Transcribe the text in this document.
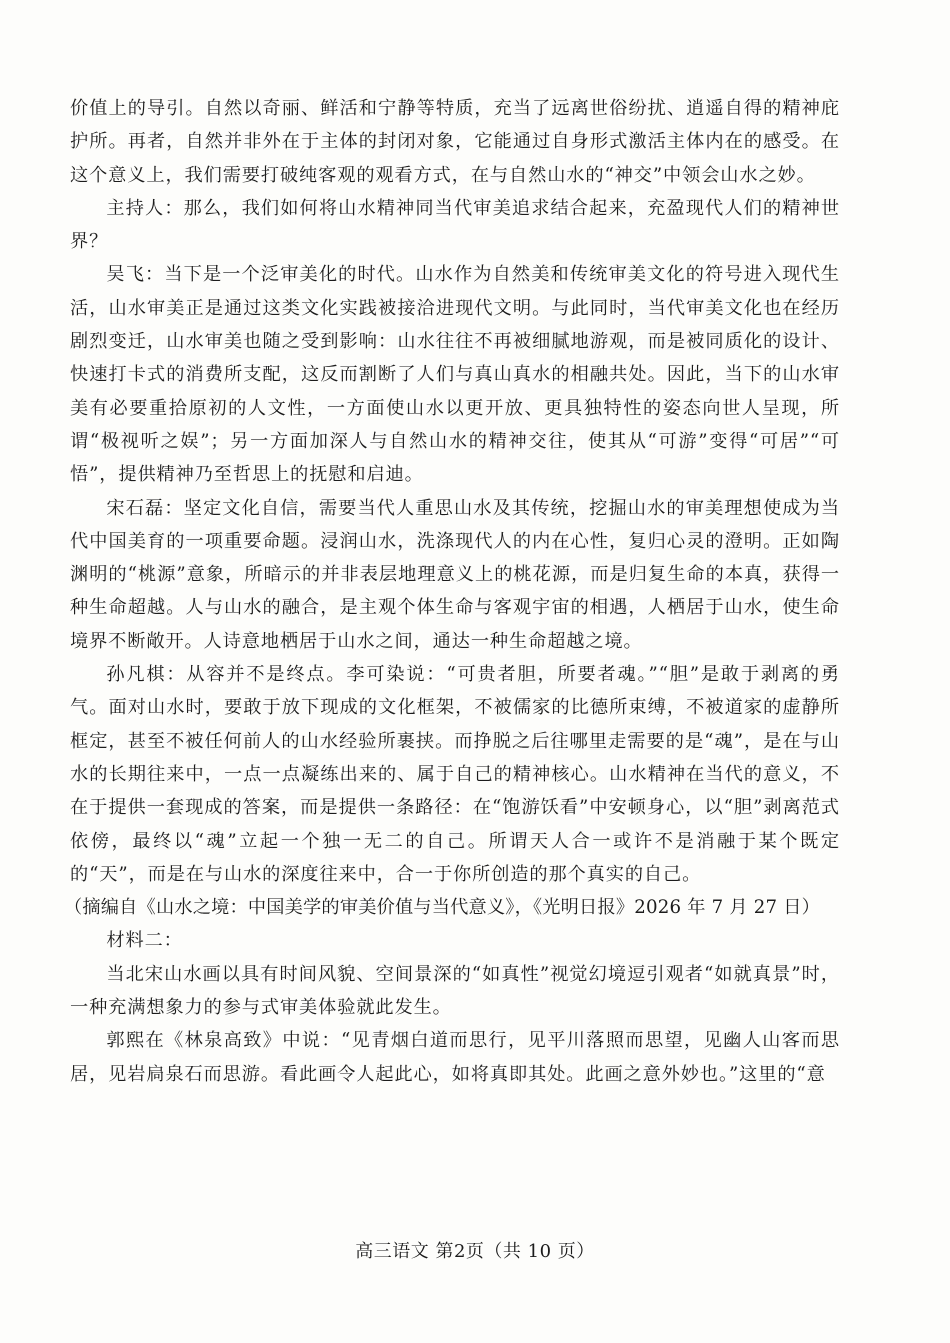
价值上的导引。自然以奇丽、鲜活和宁静等特质，充当了远离世俗纷扰、逍遥自得的精神庇护所。再者，自然并非外在于主体的封闭对象，它能通过自身形式激活主体内在的感受。在这个意义上，我们需要打破纯客观的观看方式，在与自然山水的“神交”中领会山水之妙。

主持人：那么，我们如何将山水精神同当代审美追求结合起来，充盈现代人们的精神世界？

吴飞：当下是一个泛审美化的时代。山水作为自然美和传统审美文化的符号进入现代生活，山水审美正是通过这类文化实践被接洽进现代文明。与此同时，当代审美文化也在经历剧烈变迁，山水审美也随之受到影响：山水往往不再被细腻地游观，而是被同质化的设计、快速打卡式的消费所支配，这反而割断了人们与真山真水的相融共处。因此，当下的山水审美有必要重拾原初的人文性，一方面使山水以更开放、更具独特性的姿态向世人呈现，所谓“极视听之娱”；另一方面加深人与自然山水的精神交往，使其从“可游”变得“可居”“可悟”，提供精神乃至哲思上的抚慰和启迪。

宋石磊：坚定文化自信，需要当代人重思山水及其传统，挖掘山水的审美理想使成为当代中国美育的一项重要命题。浸润山水，洗涤现代人的内在心性，复归心灵的澄明。正如陶渊明的“桃源”意象，所暗示的并非表层地理意义上的桃花源，而是归复生命的本真，获得一种生命超越。人与山水的融合，是主观个体生命与客观宇宙的相遇，人栖居于山水，使生命境界不断敞开。人诗意地栖居于山水之间，通达一种生命超越之境。

孙凡棋：从容并不是终点。李可染说：“可贵者胆，所要者魂。”“胆”是敢于剥离的勇气。面对山水时，要敢于放下现成的文化框架，不被儒家的比德所束缚，不被道家的虚静所框定，甚至不被任何前人的山水经验所裹挟。而挣脱之后往哪里走需要的是“魂”，是在与山水的长期往来中，一点一点凝练出来的、属于自己的精神核心。山水精神在当代的意义，不在于提供一套现成的答案，而是提供一条路径：在“饱游饫看”中安顿身心，以“胆”剥离范式依傍，最终以“魂”立起一个独一无二的自己。所谓天人合一或许不是消融于某个既定的“天”，而是在与山水的深度往来中，合一于你所创造的那个真实的自己。

（摘编自《山水之境：中国美学的审美价值与当代意义》，《光明日报》2026 年 7 月 27 日）

材料二：

当北宋山水画以具有时间风貌、空间景深的“如真性”视觉幻境逗引观者“如就真景”时，一种充满想象力的参与式审美体验就此发生。

郭熙在《林泉高致》中说：“见青烟白道而思行，见平川落照而思望，见幽人山客而思居，见岩扃泉石而思游。看此画令人起此心，如将真即其处。此画之意外妙也。”这里的“意

高三语文 第2页（共 10 页）
